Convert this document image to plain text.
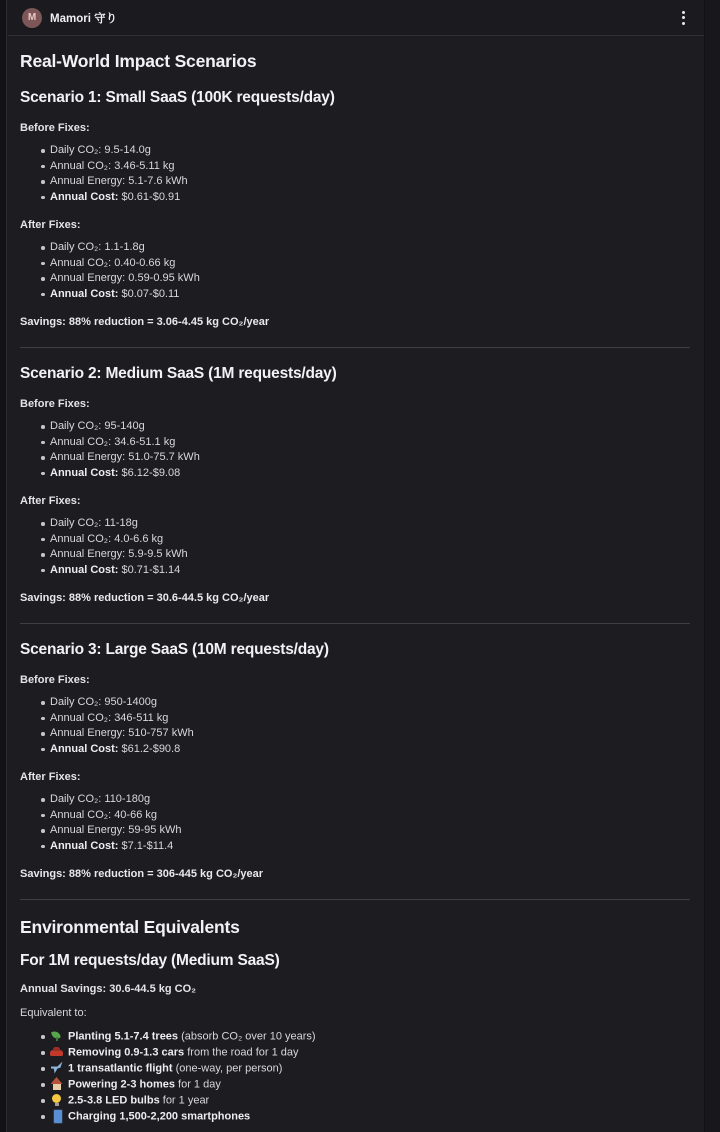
M	Mamori 守り
Real-World Impact Scenarios
Scenario 1: Small SaaS (100K requests/day)

Before Fixes:

Daily CO₂: 9.5-14.0g
Annual CO₂: 3.46-5.11 kg
Annual Energy: 5.1-7.6 kWh
Annual Cost: $0.61-$0.91

After Fixes:

Daily CO₂: 1.1-1.8g
Annual CO₂: 0.40-0.66 kg
Annual Energy: 0.59-0.95 kWh
Annual Cost: $0.07-$0.11

Savings: 88% reduction = 3.06-4.45 kg CO₂/year

Scenario 2: Medium SaaS (1M requests/day)

Before Fixes:

Daily CO₂: 95-140g
Annual CO₂: 34.6-51.1 kg
Annual Energy: 51.0-75.7 kWh
Annual Cost: $6.12-$9.08

After Fixes:

Daily CO₂: 11-18g
Annual CO₂: 4.0-6.6 kg
Annual Energy: 5.9-9.5 kWh
Annual Cost: $0.71-$1.14

Savings: 88% reduction = 30.6-44.5 kg CO₂/year

Scenario 3: Large SaaS (10M requests/day)

Before Fixes:

Daily CO₂: 950-1400g
Annual CO₂: 346-511 kg
Annual Energy: 510-757 kWh
Annual Cost: $61.2-$90.8

After Fixes:

Daily CO₂: 110-180g
Annual CO₂: 40-66 kg
Annual Energy: 59-95 kWh
Annual Cost: $7.1-$11.4

Savings: 88% reduction = 306-445 kg CO₂/year

Environmental Equivalents
For 1M requests/day (Medium SaaS)

Annual Savings: 30.6-44.5 kg CO₂

Equivalent to:

Planting 5.1-7.4 trees (absorb CO₂ over 10 years)
Removing 0.9-1.3 cars from the road for 1 day
1 transatlantic flight (one-way, per person)
Powering 2-3 homes for 1 day
2.5-3.8 LED bulbs for 1 year
Charging 1,500-2,200 smartphones
